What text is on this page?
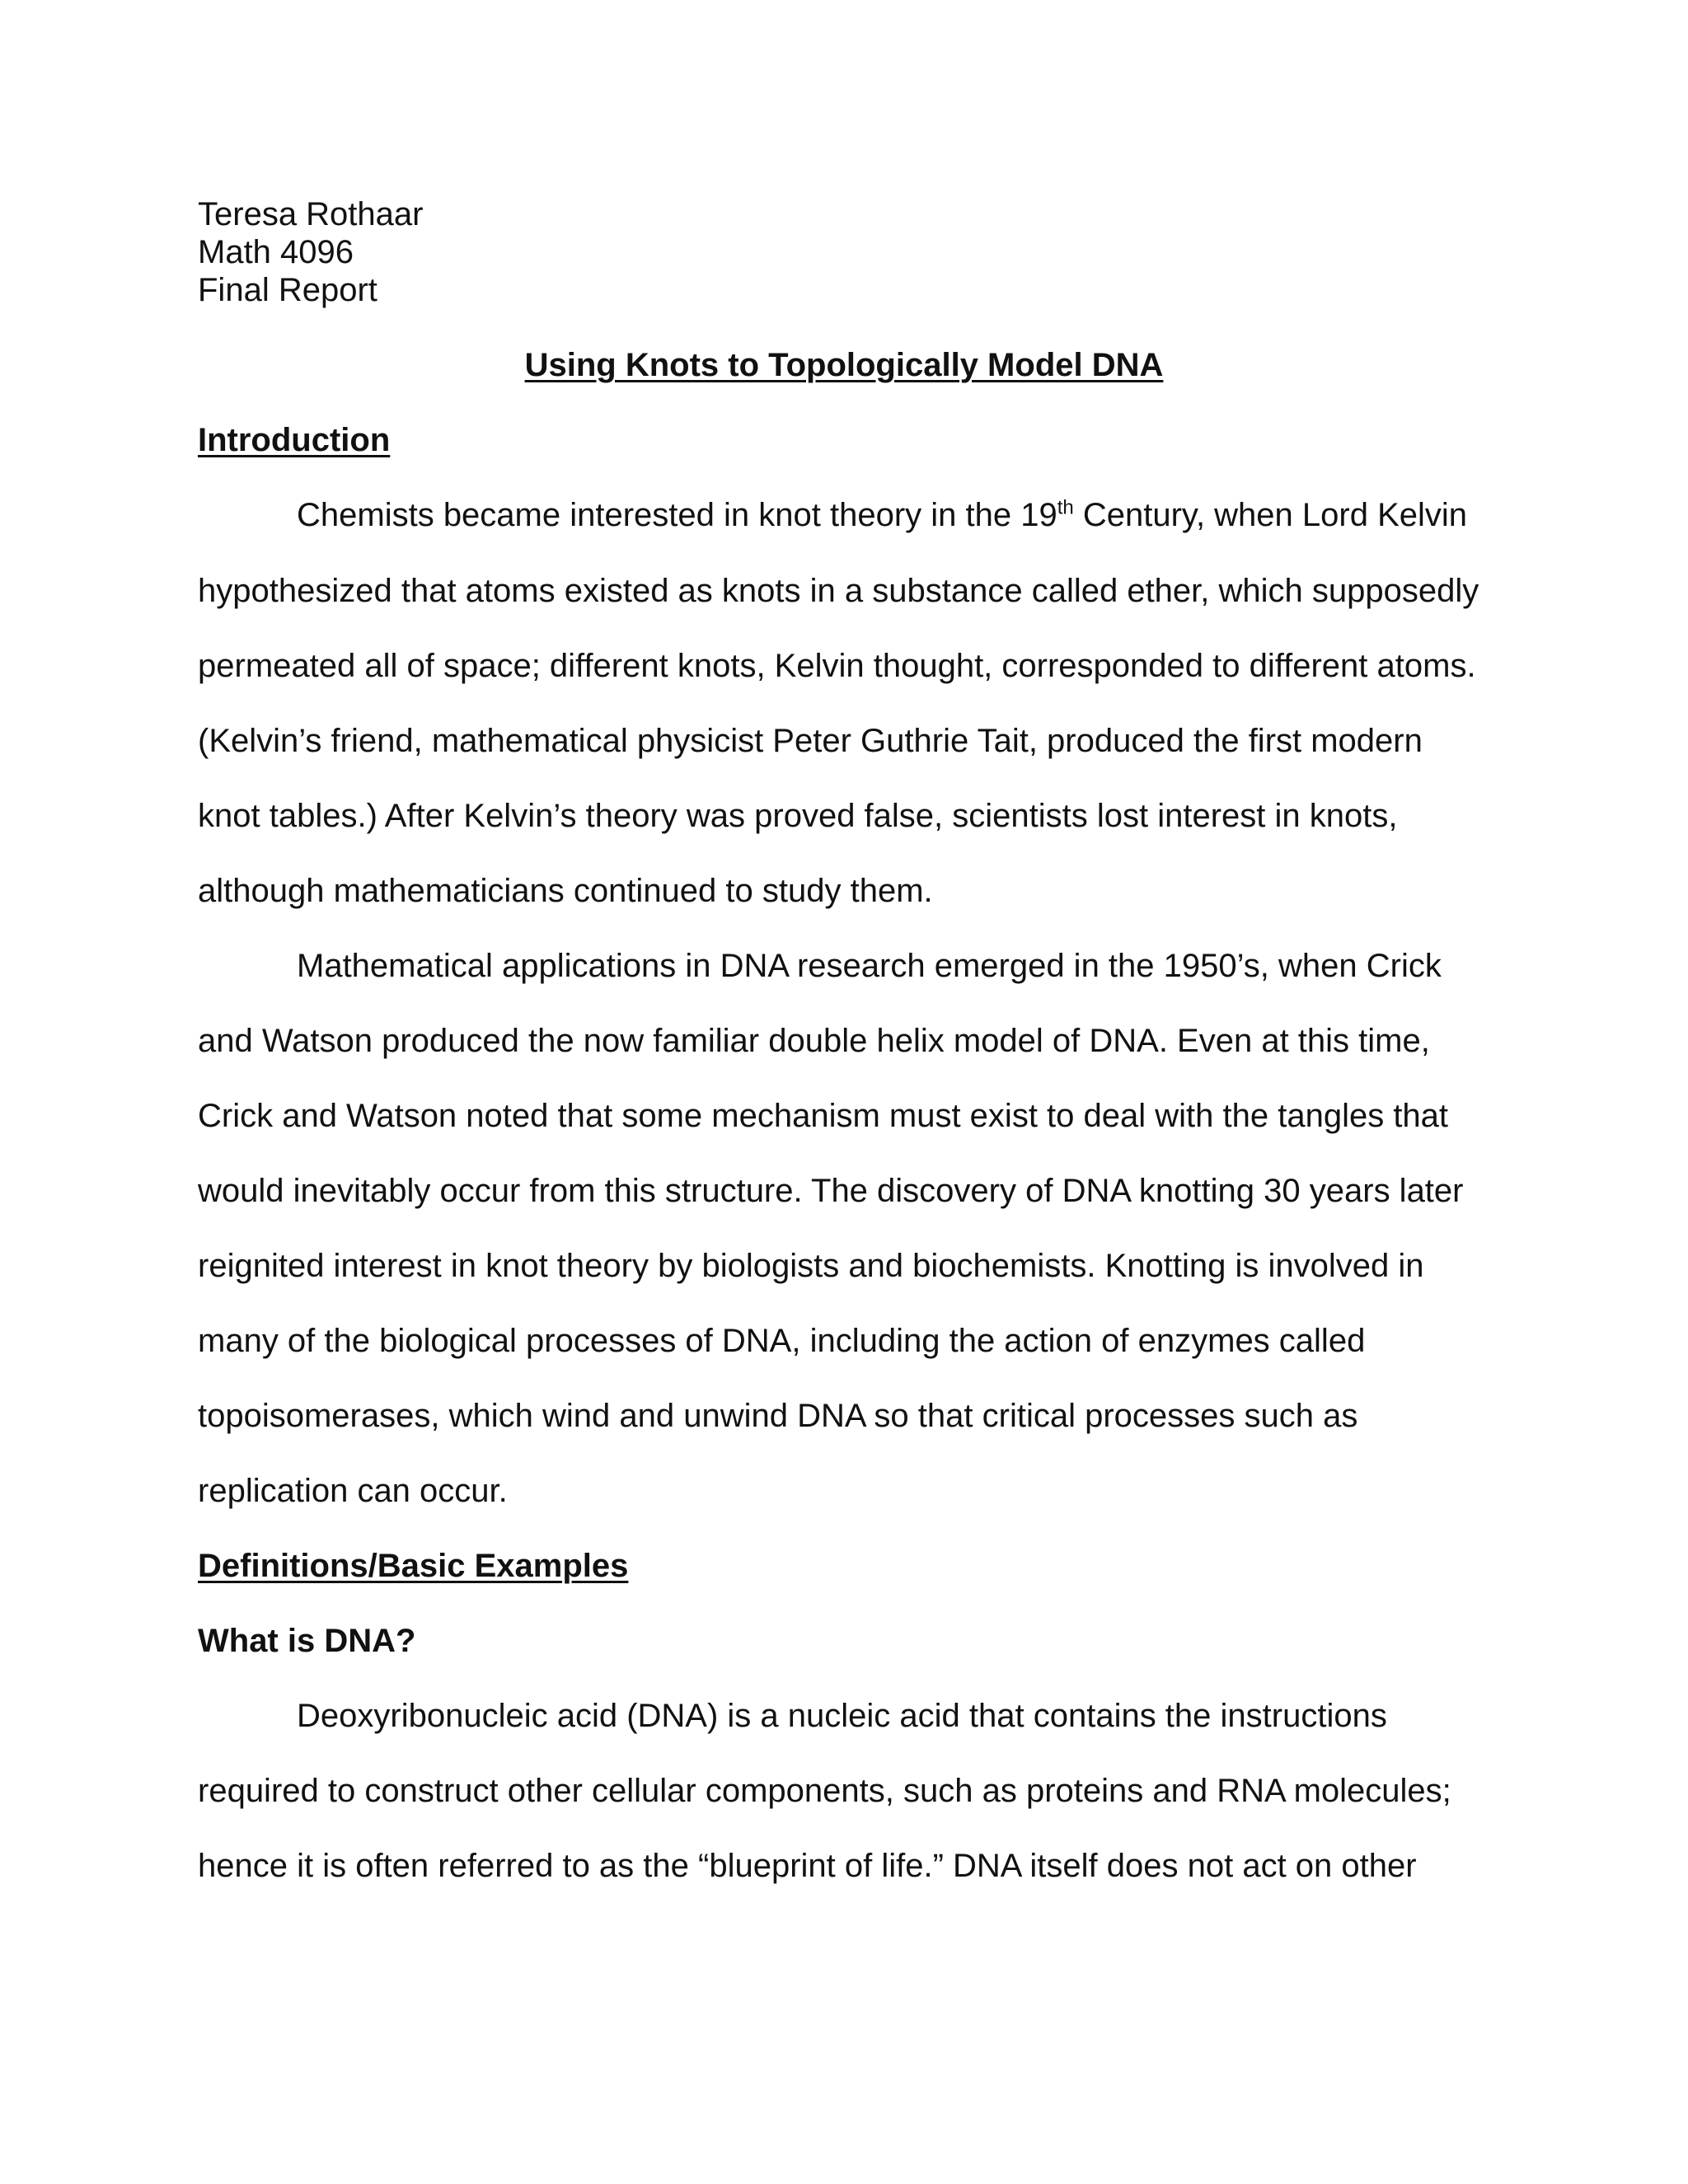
Teresa Rothaar
Math 4096
Final Report
Using Knots to Topologically Model DNA
Introduction
Chemists became interested in knot theory in the 19th Century, when Lord Kelvin
hypothesized that atoms existed as knots in a substance called ether, which supposedly
permeated all of space; different knots, Kelvin thought, corresponded to different atoms.
(Kelvin’s friend, mathematical physicist Peter Guthrie Tait, produced the first modern
knot tables.) After Kelvin’s theory was proved false, scientists lost interest in knots,
although mathematicians continued to study them.
Mathematical applications in DNA research emerged in the 1950’s, when Crick
and Watson produced the now familiar double helix model of DNA. Even at this time,
Crick and Watson noted that some mechanism must exist to deal with the tangles that
would inevitably occur from this structure. The discovery of DNA knotting 30 years later
reignited interest in knot theory by biologists and biochemists. Knotting is involved in
many of the biological processes of DNA, including the action of enzymes called
topoisomerases, which wind and unwind DNA so that critical processes such as
replication can occur.
Definitions/Basic Examples
What is DNA?
Deoxyribonucleic acid (DNA) is a nucleic acid that contains the instructions
required to construct other cellular components, such as proteins and RNA molecules;
hence it is often referred to as the “blueprint of life.” DNA itself does not act on other
